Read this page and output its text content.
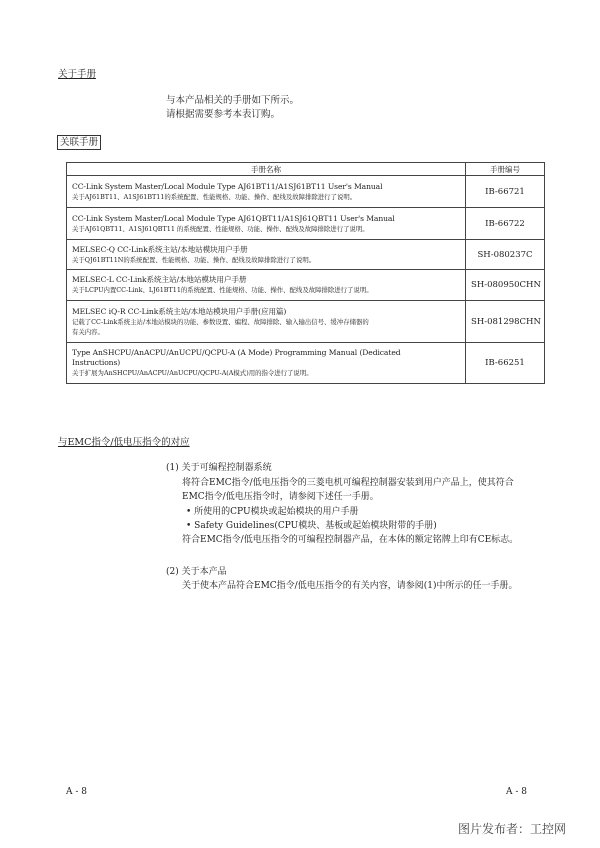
关于手册
与本产品相关的手册如下所示。
请根据需要参考本表订购。
关联手册
手册名称	手册编号

CC-Link System Master/Local Module Type AJ61BT11/A1SJ61BT11 User's Manual
关于AJ61BT11、A1SJ61BT11的系统配置、性能规格、功能、操作、配线及故障排除进行了说明。	IB-66721

CC-Link System Master/Local Module Type AJ61QBT11/A1SJ61QBT11 User's Manual
关于AJ61QBT11、A1SJ61QBT11 的系统配置、性能规格、功能、操作、配线及故障排除进行了说明。	IB-66722

MELSEC-Q CC-Link系统主站/本地站模块用户手册
关于QJ61BT11N的系统配置、性能规格、功能、操作、配线及故障排除进行了说明。	SH-080237C

MELSEC-L CC-Link系统主站/本地站模块用户手册
关于LCPU内置CC-Link、LJ61BT11的系统配置、性能规格、功能、操作、配线及故障排除进行了说明。	SH-080950CHN

MELSEC iQ-R CC-Link系统主站/本地站模块用户手册(应用篇)
记载了CC-Link系统主站/本地站模块的功能、参数设置、编程、故障排除、输入输出信号、缓冲存储器的
有关内容。	SH-081298CHN

Type AnSHCPU/AnACPU/AnUCPU/QCPU-A (A Mode) Programming Manual (Dedicated
Instructions)
关于扩展为AnSHCPU/AnACPU/AnUCPU/QCPU-A(A模式)用的指令进行了说明。	IB-66251
与EMC指令/低电压指令的对应
(1) 关于可编程控制器系统
将符合EMC指令/低电压指令的三菱电机可编程控制器安装到用户产品上，使其符合
EMC指令/低电压指令时，请参阅下述任一手册。
• 所使用的CPU模块或起始模块的用户手册
• Safety Guidelines(CPU模块、基板或起始模块附带的手册)
符合EMC指令/低电压指令的可编程控制器产品，在本体的额定铭牌上印有CE标志。
(2) 关于本产品
关于使本产品符合EMC指令/低电压指令的有关内容，请参阅(1)中所示的任一手册。
A - 8	A - 8
图片发布者：工控网
